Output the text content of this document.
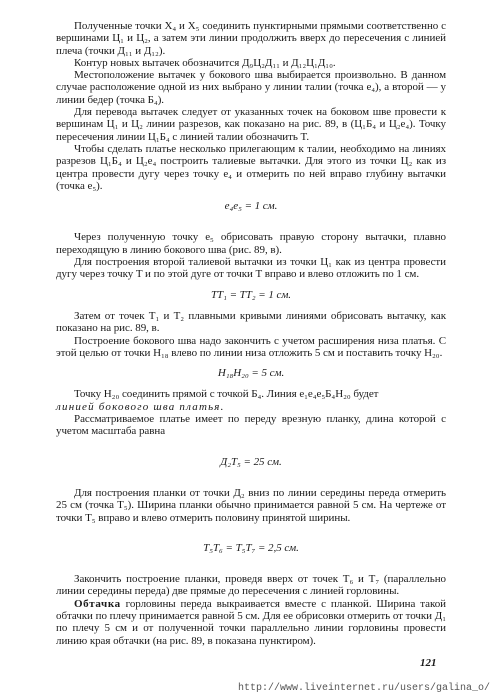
Полученные точки X₄ и X₅ соединить пунктирными прямыми соответственно с вершинами Ц₁ и Ц₂, а затем эти линии продолжить вверх до пересечения с линией плеча (точки Д₁₁ и Д₁₂).

Контур новых вытачек обозначится Д₉Ц₂Д₁₁ и Д₁₂Ц₁Д₁₀.

Местоположение вытачек у бокового шва выбирается произвольно. В данном случае расположение одной из них выбрано у линии талии (точка e₄), а второй — у линии бедер (точка Б₄).

Для перевода вытачек следует от указанных точек на боковом шве провести к вершинам Ц₁ и Ц₂ линии разрезов, как показано на рис. 89, в (Ц₁Б₄ и Ц₂e₄). Точку пересечения линии Ц₁Б₄ с линией талии обозначить T.

Чтобы сделать платье несколько прилегающим к талии, необходимо на линиях разрезов Ц₁Б₄ и Ц₂e₄ построить талиевые вытачки. Для этого из точки Ц₂ как из центра провести дугу через точку e₄ и отмерить по ней вправо глубину вытачки (точка e₅).

e₄e₅ = 1 см.

Через полученную точку e₅ обрисовать правую сторону вытачки, плавно переходящую в линию бокового шва (рис. 89, в).

Для построения второй талиевой вытачки из точки Ц₁ как из центра провести дугу через точку T и по этой дуге от точки T вправо и влево отложить по 1 см.

TT₁ = TT₂ = 1 см.

Затем от точек T₁ и T₂ плавными кривыми линиями обрисовать вытачку, как показано на рис. 89, в.

Построение бокового шва надо закончить с учетом расширения низа платья. С этой целью от точки H₁₈ влево по линии низа отложить 5 см и поставить точку H₂₀.

H₁₈H₂₀ = 5 см.

Точку H₂₀ соединить прямой с точкой Б₄. Линия e₁e₄e₅Б₄H₂₀ будет

линией бокового шва платья.

Рассматриваемое платье имеет по переду врезную планку, длина которой с учетом масштаба равна

Д₂T₅ = 25 см.

Для построения планки от точки Д₂ вниз по линии середины переда отмерить 25 см (точка T₅). Ширина планки обычно принимается равной 5 см. На чертеже от точки T₅ вправо и влево отмерить половину принятой ширины.

T₅T₆ = T₅T₇ = 2,5 см.

Закончить построение планки, проведя вверх от точек T₆ и T₇ (параллельно линии середины переда) две прямые до пересечения с линией горловины.

Обтачка горловины переда выкраивается вместе с планкой. Ширина такой обтачки по плечу принимается равной 5 см. Для ее обрисовки отмерить от точки Д₁ по плечу 5 см и от полученной точки параллельно линии горловины провести линию края обтачки (на рис. 89, в показана пунктиром).

121
http://www.liveinternet.ru/users/galina_o/
